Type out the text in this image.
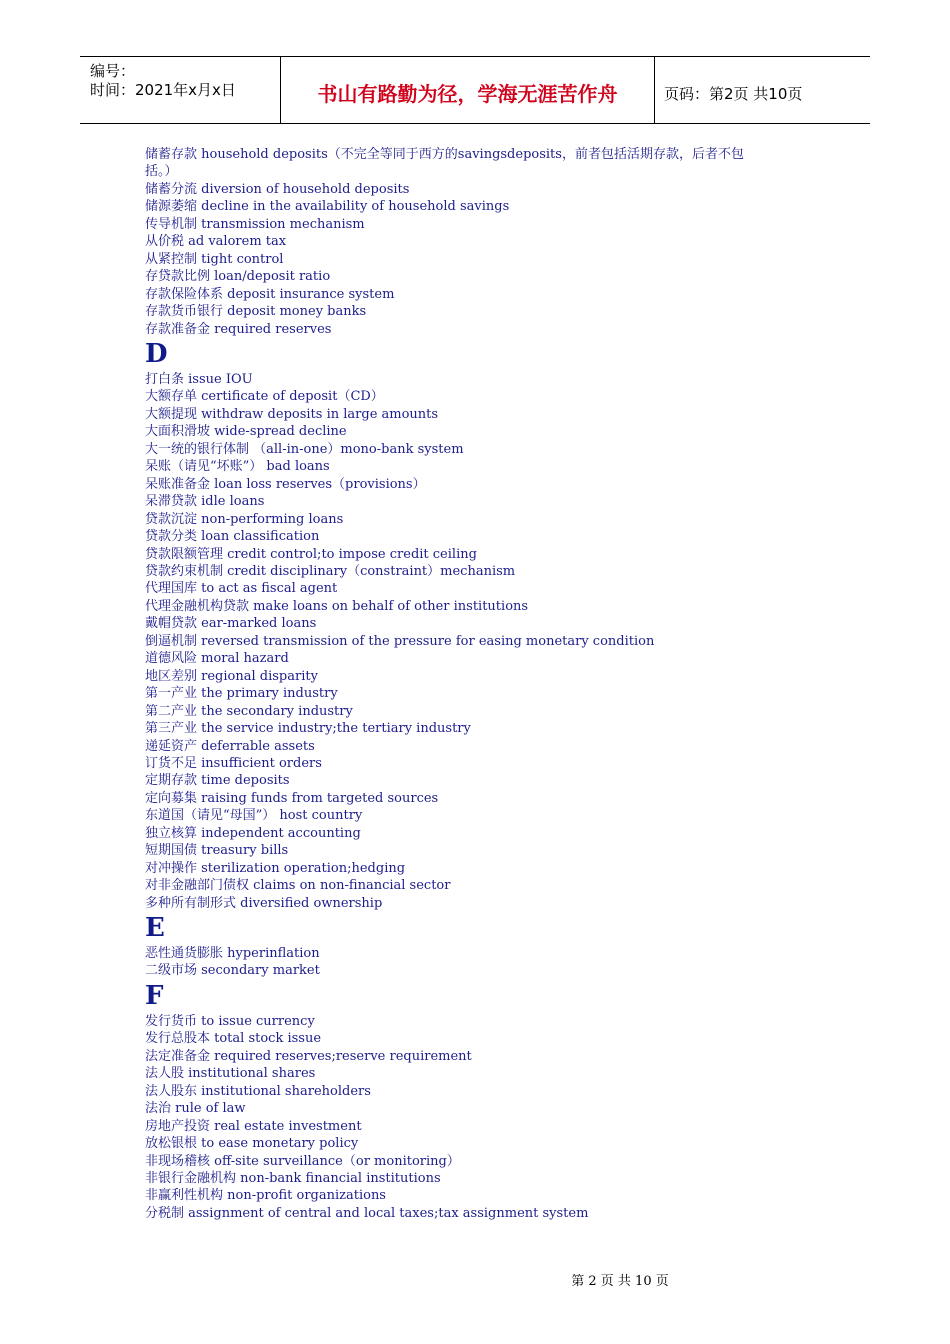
编号：
时间：2021年x月x日	书山有路勤为径，学海无涯苦作舟	页码：第2页 共10页
储蓄存款 household deposits（不完全等同于西方的savingsdeposits，前者包括活期存款，后者不包括。）
储蓄分流 diversion of household deposits
储源萎缩 decline in the availability of household savings
传导机制 transmission mechanism
从价税 ad valorem tax
从紧控制 tight control
存贷款比例 loan/deposit ratio
存款保险体系 deposit insurance system
存款货币银行 deposit money banks
存款准备金 required reserves
D
打白条 issue IOU
大额存单 certificate of deposit（CD）
大额提现 withdraw deposits in large amounts
大面积滑坡 wide-spread decline
大一统的银行体制 （all-in-one）mono-bank system
呆账（请见“坏账”） bad loans
呆账准备金 loan loss reserves（provisions）
呆滞贷款 idle loans
贷款沉淀 non-performing loans
贷款分类 loan classification
贷款限额管理 credit control;to impose credit ceiling
贷款约束机制 credit disciplinary（constraint）mechanism
代理国库 to act as fiscal agent
代理金融机构贷款 make loans on behalf of other institutions
戴帽贷款 ear-marked loans
倒逼机制 reversed transmission of the pressure for easing monetary condition
道德风险 moral hazard
地区差别 regional disparity
第一产业 the primary industry
第二产业 the secondary industry
第三产业 the service industry;the tertiary industry
递延资产 deferrable assets
订货不足 insufficient orders
定期存款 time deposits
定向募集 raising funds from targeted sources
东道国（请见“母国”） host country
独立核算 independent accounting
短期国债 treasury bills
对冲操作 sterilization operation;hedging
对非金融部门债权 claims on non-financial sector
多种所有制形式 diversified ownership
E
恶性通货膨胀 hyperinflation
二级市场 secondary market
F
发行货币 to issue currency
发行总股本 total stock issue
法定准备金 required reserves;reserve requirement
法人股 institutional shares
法人股东 institutional shareholders
法治 rule of law
房地产投资 real estate investment
放松银根 to ease monetary policy
非现场稽核 off-site surveillance（or monitoring）
非银行金融机构 non-bank financial institutions
非赢利性机构 non-profit organizations
分税制 assignment of central and local taxes;tax assignment system
第 2 页 共 10 页
